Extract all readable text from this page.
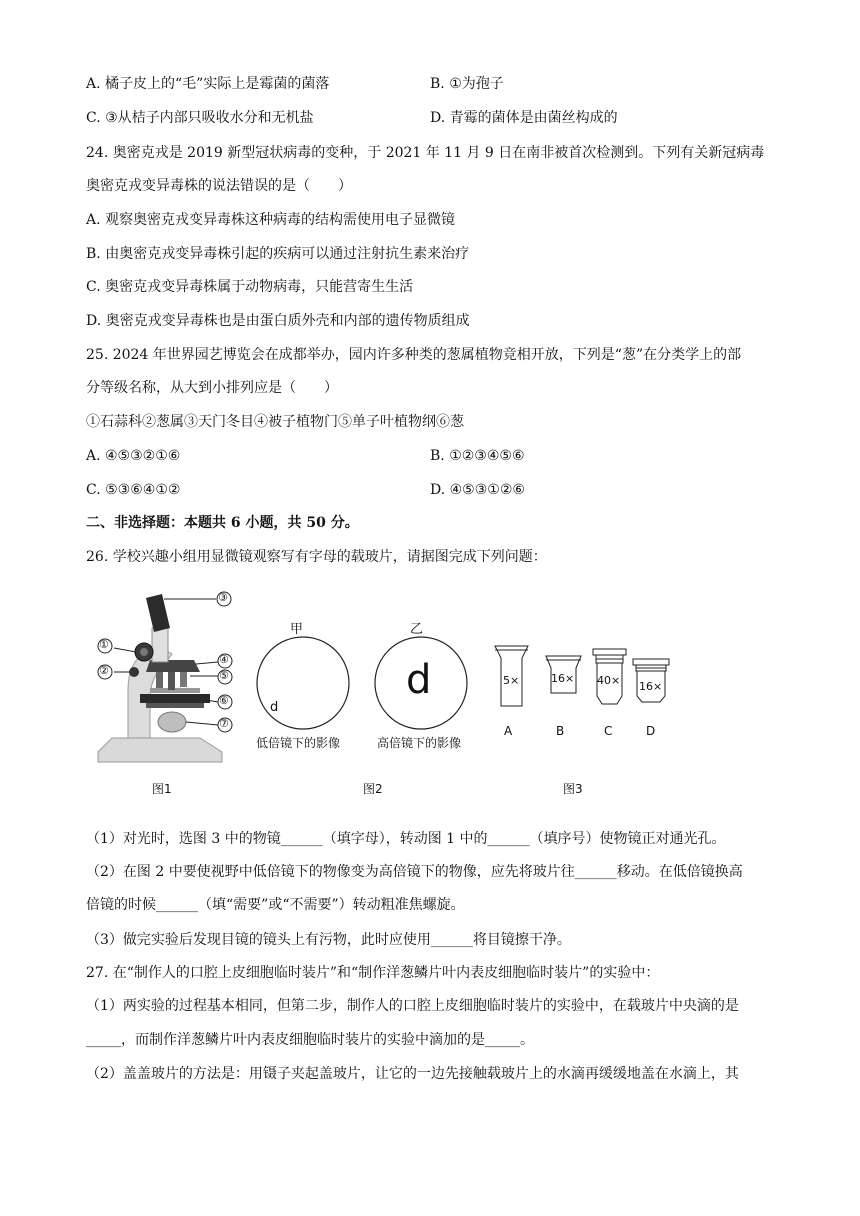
A. 橘子皮上的“毛”实际上是霉菌的菌落	B. ①为孢子
C. ③从桔子内部只吸收水分和无机盐	D. 青霉的菌体是由菌丝构成的
24. 奥密克戎是 2019 新型冠状病毒的变种，于 2021 年 11 月 9 日在南非被首次检测到。下列有关新冠病毒
奥密克戎变异毒株的说法错误的是（　　）
A. 观察奥密克戎变异毒株这种病毒的结构需使用电子显微镜
B. 由奥密克戎变异毒株引起的疾病可以通过注射抗生素来治疗
C. 奥密克戎变异毒株属于动物病毒，只能营寄生生活
D. 奥密克戎变异毒株也是由蛋白质外壳和内部的遗传物质组成
25. 2024 年世界园艺博览会在成都举办，园内许多种类的葱属植物竞相开放，下列是“葱”在分类学上的部
分等级名称，从大到小排列应是（　　）
①石蒜科②葱属③天门冬目④被子植物门⑤单子叶植物纲⑥葱
A. ④⑤③②①⑥	B. ①②③④⑤⑥
C. ⑤③⑥④①②	D. ④⑤③①②⑥
二、非选择题：本题共 6 小题，共 50 分。
26. 学校兴趣小组用显微镜观察写有字母的载玻片，请据图完成下列问题：
③
①
②
④
⑤
⑥
⑦
甲	乙
d
d
低倍镜下的影像	高倍镜下的影像
5×	16× 40× 16×
A	B	C	D
图1	图2	图3
（1）对光时，选图 3 中的物镜______（填字母），转动图 1 中的______（填序号）使物镜正对通光孔。
（2）在图 2 中要使视野中低倍镜下的物像变为高倍镜下的物像，应先将玻片往______移动。在低倍镜换高
倍镜的时候______（填“需要”或“不需要”）转动粗准焦螺旋。
（3）做完实验后发现目镜的镜头上有污物，此时应使用______将目镜擦干净。
27. 在“制作人的口腔上皮细胞临时装片”和“制作洋葱鳞片叶内表皮细胞临时装片”的实验中：
（1）两实验的过程基本相同，但第二步，制作人的口腔上皮细胞临时装片的实验中，在载玻片中央滴的是
_____，而制作洋葱鳞片叶内表皮细胞临时装片的实验中滴加的是_____。
（2）盖盖玻片的方法是：用镊子夹起盖玻片，让它的一边先接触载玻片上的水滴再缓缓地盖在水滴上，其
